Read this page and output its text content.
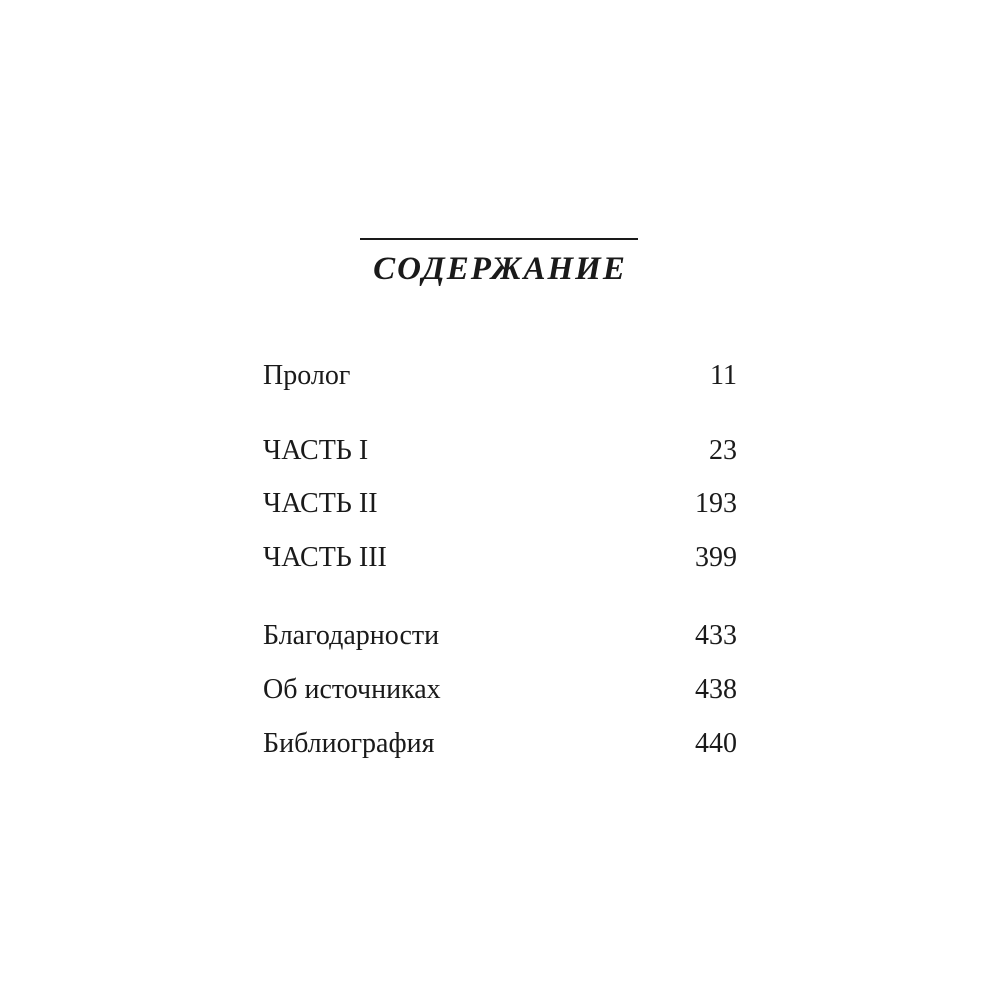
СОДЕРЖАНИЕ
Пролог	11
ЧАСТЬ I	23
ЧАСТЬ II	193
ЧАСТЬ III	399
Благодарности	433
Об источниках	438
Библиография	440
